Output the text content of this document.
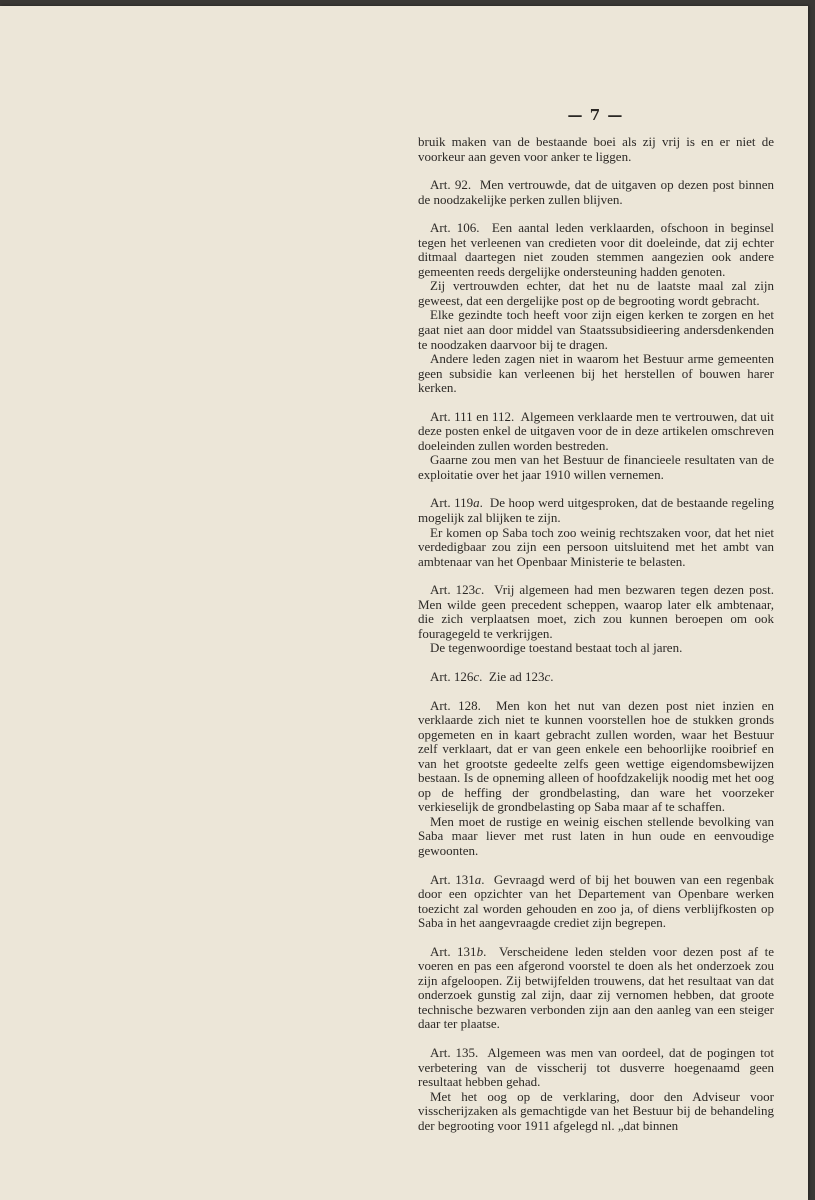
— 7 —

bruik maken van de bestaande boei als zij vrij is en er niet de voorkeur aan geven voor anker te liggen.

Art. 92. Men vertrouwde, dat de uitgaven op dezen post binnen de noodzakelijke perken zullen blijven.

Art. 106. Een aantal leden verklaarden, ofschoon in beginsel tegen het verleenen van credieten voor dit doeleinde, dat zij echter ditmaal daartegen niet zouden stemmen aangezien ook andere gemeenten reeds dergelijke ondersteuning hadden genoten.

Zij vertrouwden echter, dat het nu de laatste maal zal zijn geweest, dat een dergelijke post op de begrooting wordt gebracht.

Elke gezindte toch heeft voor zijn eigen kerken te zorgen en het gaat niet aan door middel van Staatssubsidieering andersdenkenden te noodzaken daarvoor bij te dragen.

Andere leden zagen niet in waarom het Bestuur arme gemeenten geen subsidie kan verleenen bij het herstellen of bouwen harer kerken.

Art. 111 en 112. Algemeen verklaarde men te vertrouwen, dat uit deze posten enkel de uitgaven voor de in deze artikelen omschreven doeleinden zullen worden bestreden.

Gaarne zou men van het Bestuur de financieele resultaten van de exploitatie over het jaar 1910 willen vernemen.

Art. 119a. De hoop werd uitgesproken, dat de bestaande regeling mogelijk zal blijken te zijn.

Er komen op Saba toch zoo weinig rechtszaken voor, dat het niet verdedigbaar zou zijn een persoon uitsluitend met het ambt van ambtenaar van het Openbaar Ministerie te belasten.

Art. 123c. Vrij algemeen had men bezwaren tegen dezen post. Men wilde geen precedent scheppen, waarop later elk ambtenaar, die zich verplaatsen moet, zich zou kunnen beroepen om ook fouragegeld te verkrijgen.

De tegenwoordige toestand bestaat toch al jaren.

Art. 126c. Zie ad 123c.

Art. 128. Men kon het nut van dezen post niet inzien en verklaarde zich niet te kunnen voorstellen hoe de stukken gronds opgemeten en in kaart gebracht zullen worden, waar het Bestuur zelf verklaart, dat er van geen enkele een behoorlijke rooibrief en van het grootste gedeelte zelfs geen wettige eigendomsbewijzen bestaan. Is de opneming alleen of hoofdzakelijk noodig met het oog op de heffing der grondbelasting, dan ware het voorzeker verkieselijk de grondbelasting op Saba maar af te schaffen.

Men moet de rustige en weinig eischen stellende bevolking van Saba maar liever met rust laten in hun oude en eenvoudige gewoonten.

Art. 131a. Gevraagd werd of bij het bouwen van een regenbak door een opzichter van het Departement van Openbare werken toezicht zal worden gehouden en zoo ja, of diens verblijfkosten op Saba in het aangevraagde crediet zijn begrepen.

Art. 131b. Verscheidene leden stelden voor dezen post af te voeren en pas een afgerond voorstel te doen als het onderzoek zou zijn afgeloopen. Zij betwijfelden trouwens, dat het resultaat van dat onderzoek gunstig zal zijn, daar zij vernomen hebben, dat groote technische bezwaren verbonden zijn aan den aanleg van een steiger daar ter plaatse.

Art. 135. Algemeen was men van oordeel, dat de pogingen tot verbetering van de visscherij tot dusverre hoegenaamd geen resultaat hebben gehad.

Met het oog op de verklaring, door den Adviseur voor visscherijzaken als gemachtigde van het Bestuur bij de behandeling der begrooting voor 1911 afgelegd nl. „dat binnen
